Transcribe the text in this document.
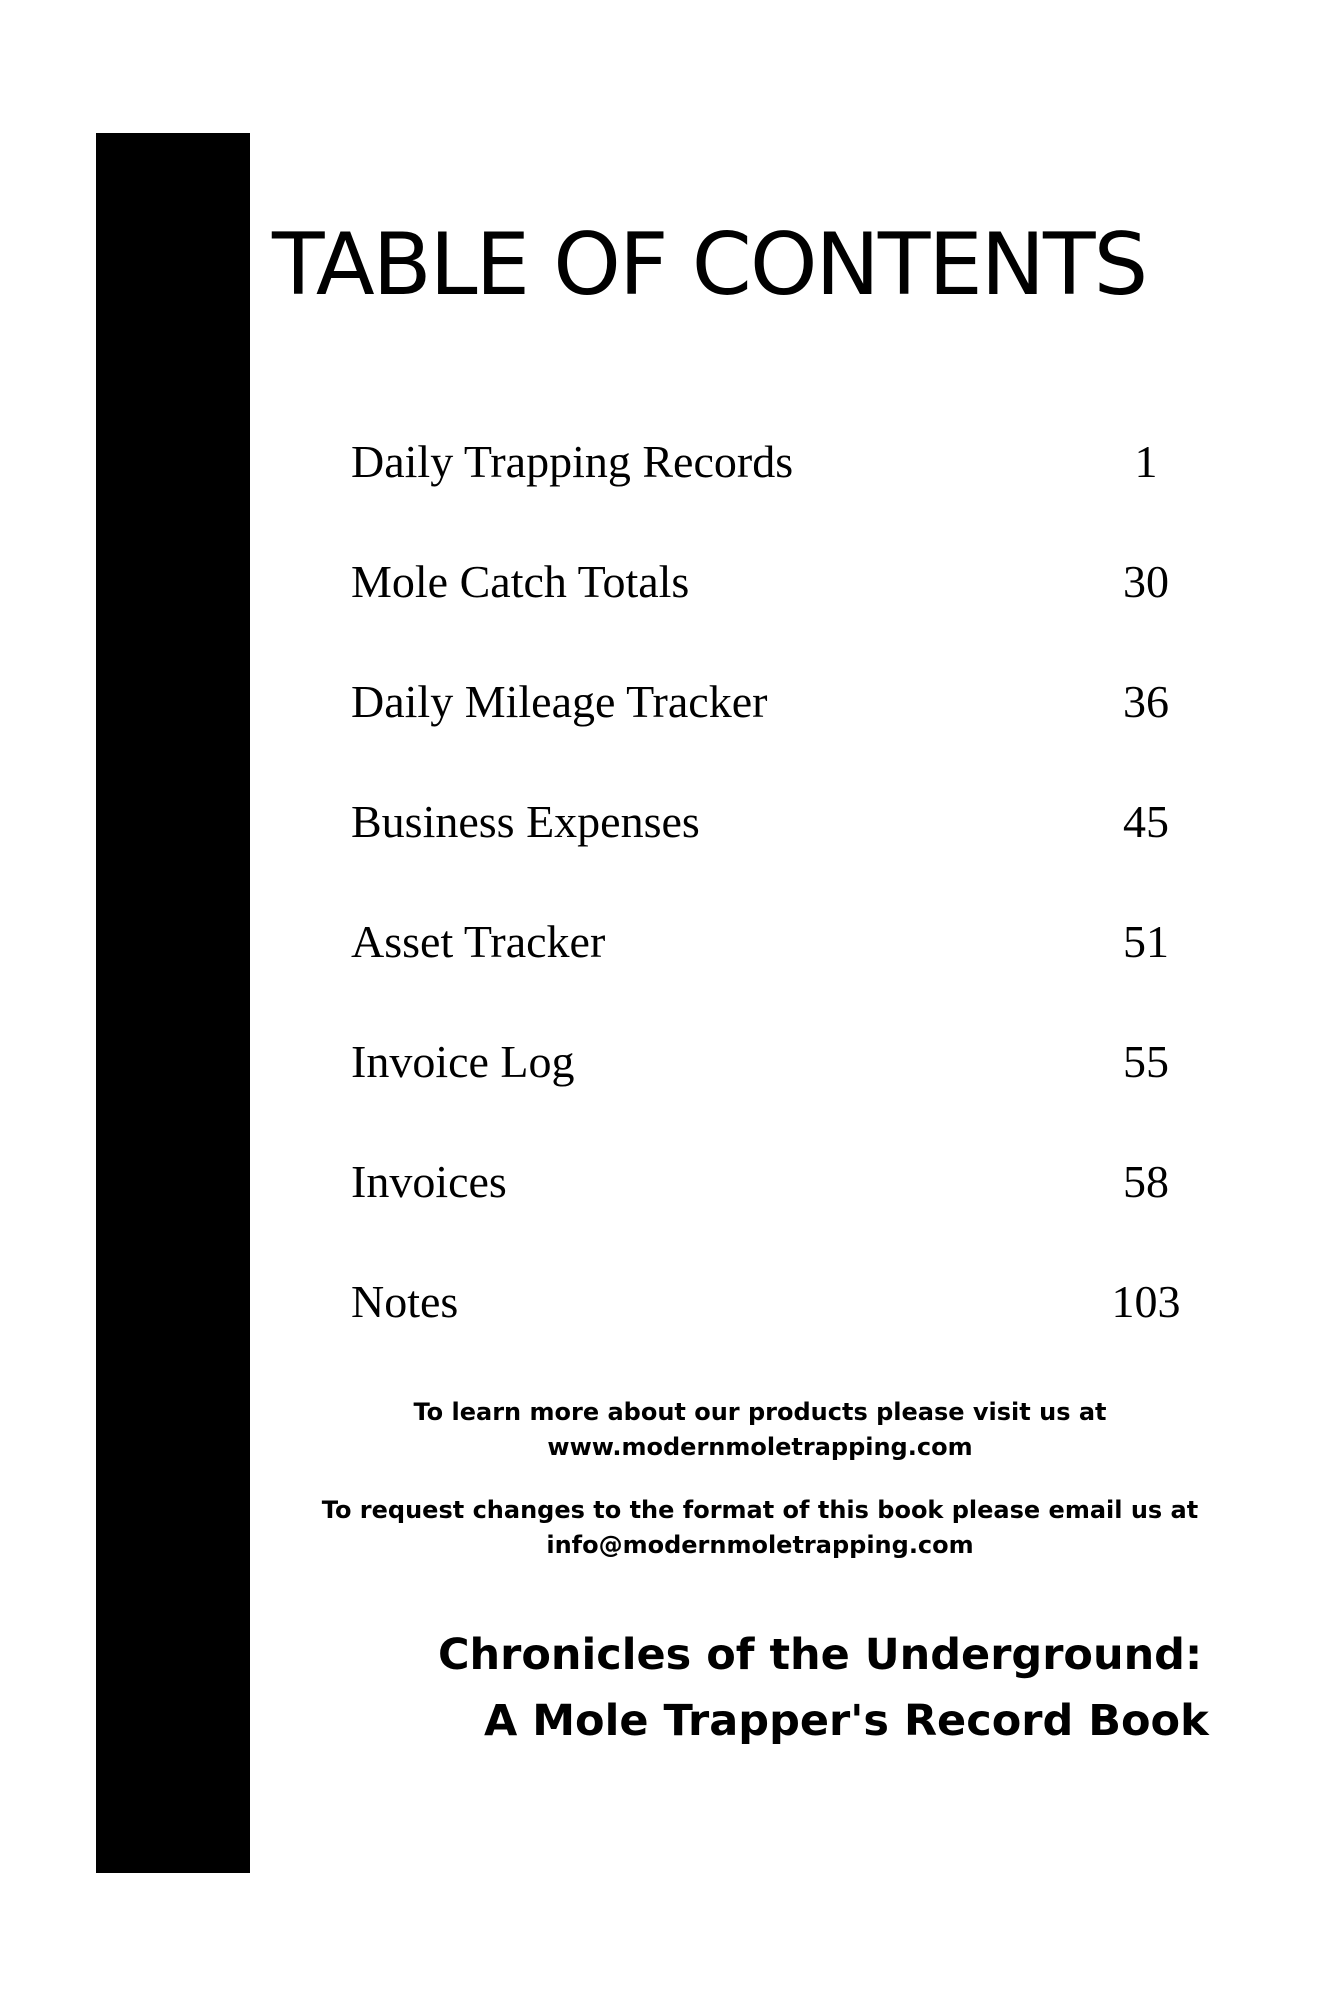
TABLE OF CONTENTS
Daily Trapping Records	1
Mole Catch Totals	30
Daily Mileage Tracker	36
Business Expenses	45
Asset Tracker	51
Invoice Log	55
Invoices	58
Notes	103

To learn more about our products please visit us at
www.modernmoletrapping.com

To request changes to the format of this book please email us at
info@modernmoletrapping.com

Chronicles of the Underground:

A Mole Trapper's Record Book
